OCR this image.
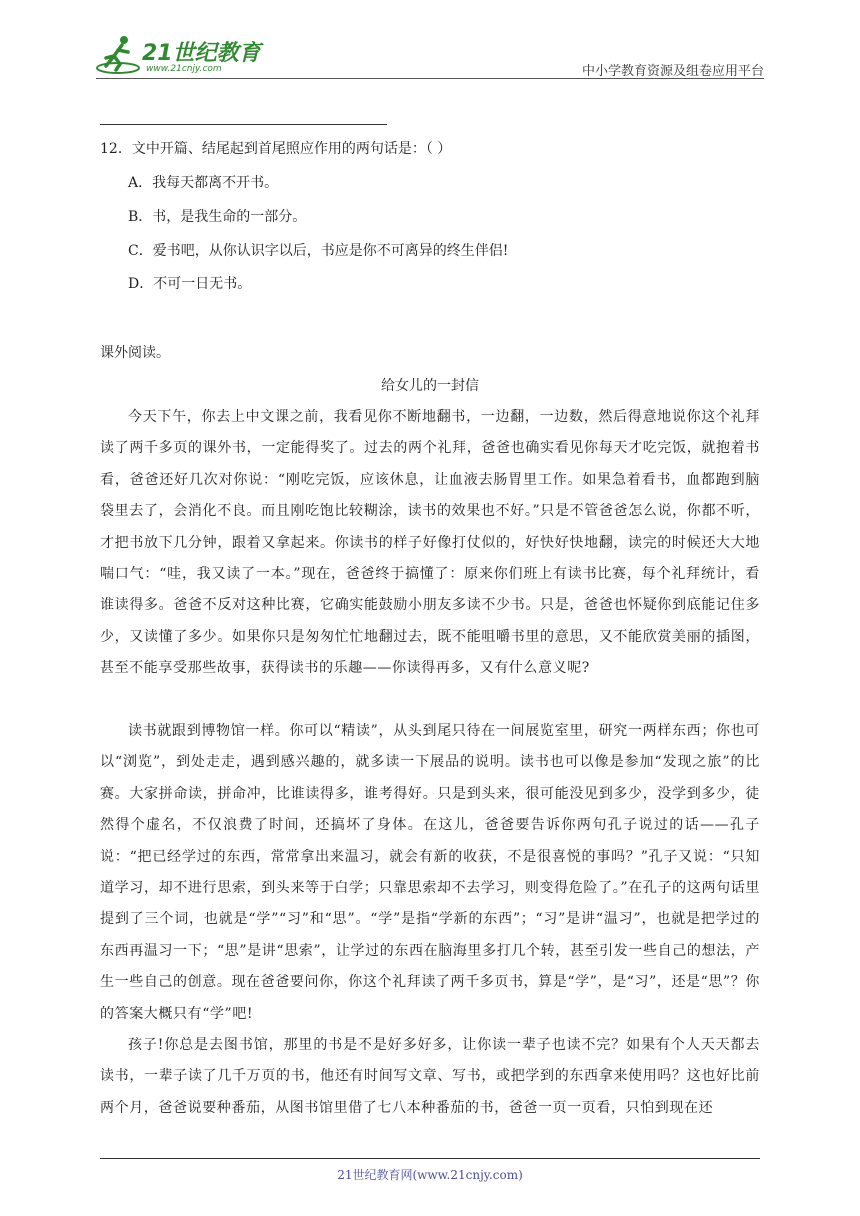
21世纪教育
www.21cnjy.com	中小学教育资源及组卷应用平台
12．文中开篇、结尾起到首尾照应作用的两句话是：（ ）
A．我每天都离不开书。
B．书，是我生命的一部分。
C．爱书吧，从你认识字以后，书应是你不可离异的终生伴侣!
D．不可一日无书。
课外阅读。
给女儿的一封信

今天下午，你去上中文课之前，我看见你不断地翻书，一边翻，一边数，然后得意地说你这个礼拜读了两千多页的课外书，一定能得奖了。过去的两个礼拜，爸爸也确实看见你每天才吃完饭，就抱着书看，爸爸还好几次对你说：“刚吃完饭，应该休息，让血液去肠胃里工作。如果急着看书，血都跑到脑袋里去了，会消化不良。而且刚吃饱比较糊涂，读书的效果也不好。”只是不管爸爸怎么说，你都不听，才把书放下几分钟，跟着又拿起来。你读书的样子好像打仗似的，好快好快地翻，读完的时候还大大地喘口气：“哇，我又读了一本。”现在，爸爸终于搞懂了：原来你们班上有读书比赛，每个礼拜统计，看谁读得多。爸爸不反对这种比赛，它确实能鼓励小朋友多读不少书。只是，爸爸也怀疑你到底能记住多少，又读懂了多少。如果你只是匆匆忙忙地翻过去，既不能咀嚼书里的意思，又不能欣赏美丽的插图，甚至不能享受那些故事，获得读书的乐趣——你读得再多，又有什么意义呢?

读书就跟到博物馆一样。你可以“精读”，从头到尾只待在一间展览室里，研究一两样东西；你也可以“浏览”，到处走走，遇到感兴趣的，就多读一下展品的说明。读书也可以像是参加“发现之旅”的比赛。大家拼命读，拼命冲，比谁读得多，谁考得好。只是到头来，很可能没见到多少，没学到多少，徒然得个虚名，不仅浪费了时间，还搞坏了身体。在这儿，爸爸要告诉你两句孔子说过的话——孔子说：“把已经学过的东西，常常拿出来温习，就会有新的收获，不是很喜悦的事吗？”孔子又说：“只知道学习，却不进行思索，到头来等于白学；只靠思索却不去学习，则变得危险了。”在孔子的这两句话里提到了三个词，也就是“学”“习”和“思”。“学”是指“学新的东西”；“习”是讲“温习”，也就是把学过的东西再温习一下；“思”是讲“思索”，让学过的东西在脑海里多打几个转，甚至引发一些自己的想法，产生一些自己的创意。现在爸爸要问你，你这个礼拜读了两千多页书，算是“学”，是“习”，还是“思”？你的答案大概只有“学”吧!

孩子!你总是去图书馆，那里的书是不是好多好多，让你读一辈子也读不完？如果有个人天天都去读书，一辈子读了几千万页的书，他还有时间写文章、写书，或把学到的东西拿来使用吗？这也好比前两个月，爸爸说要种番茄，从图书馆里借了七八本种番茄的书，爸爸一页一页看，只怕到现在还

21世纪教育网(www.21cnjy.com)
